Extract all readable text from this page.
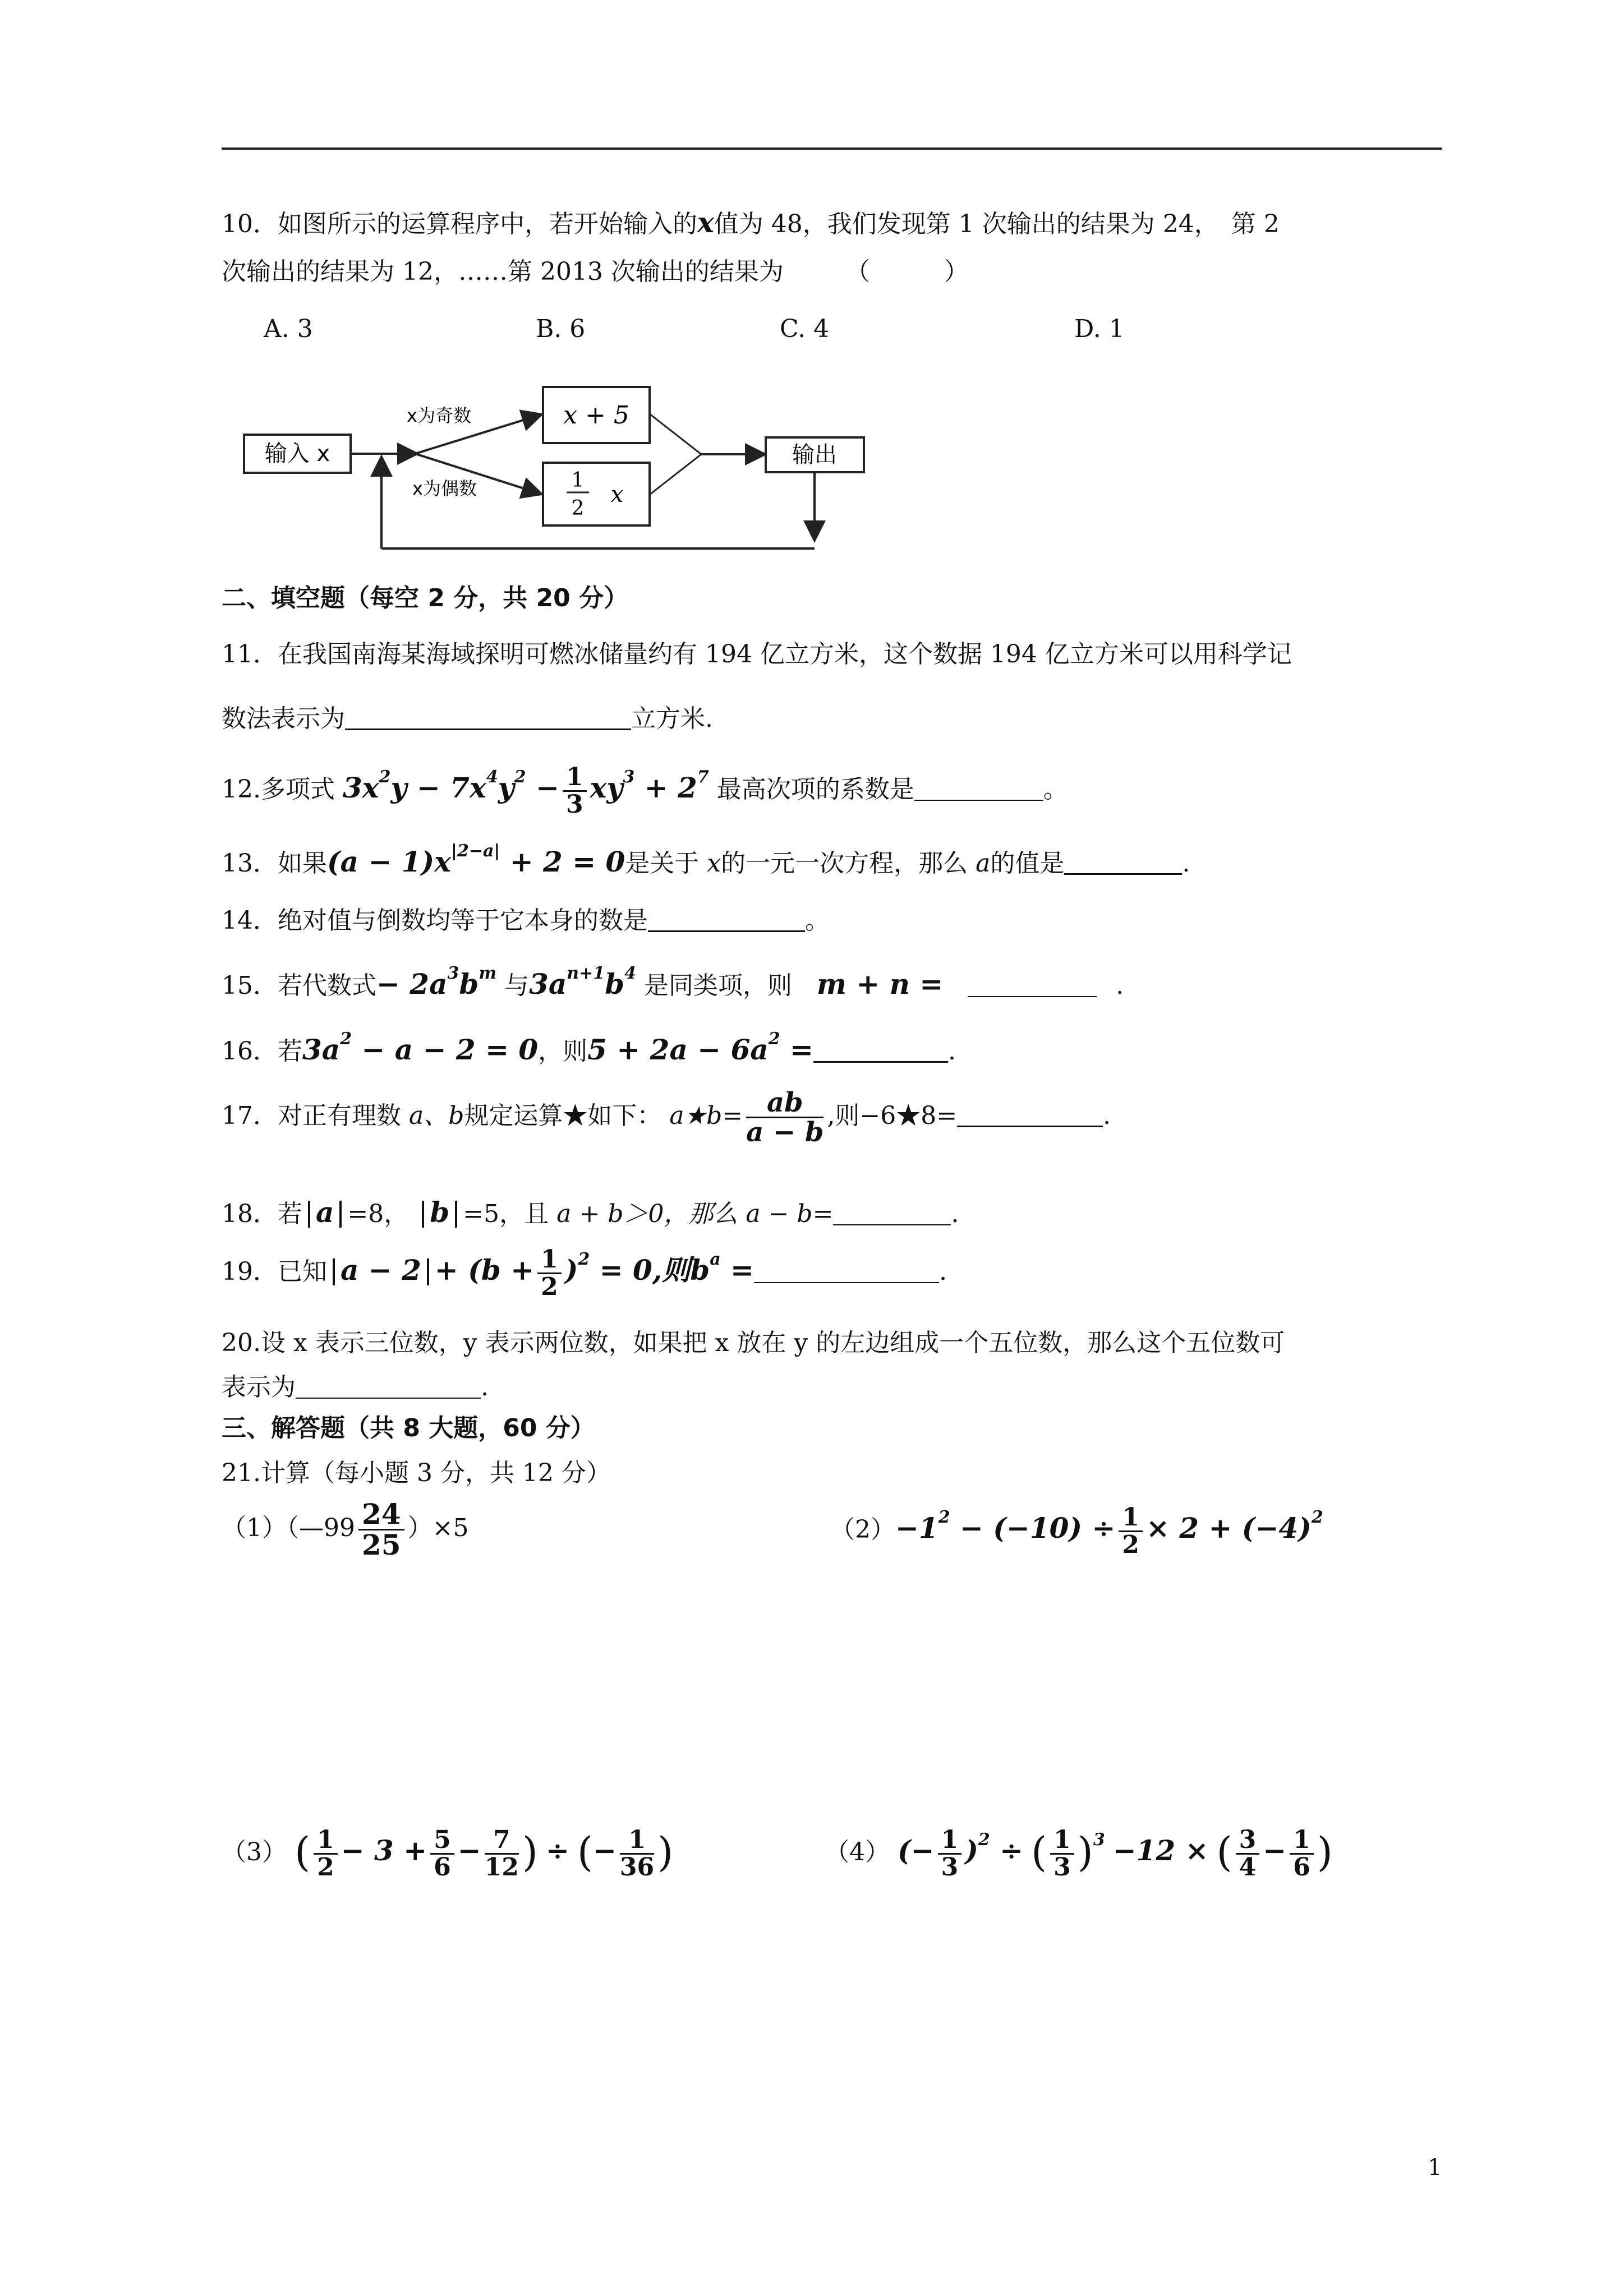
10．如图所示的运算程序中，若开始输入的x值为 48，我们发现第 1 次输出的结果为 24，　第 2
次输出的结果为 12，……第 2013 次输出的结果为　　　（　　　）
A. 3	B. 6	C. 4	D. 1
输入 x
x为奇数
x为偶数
x + 5
1
2
x
输出
二、填空题（每空 2 分，共 20 分）
11．在我国南海某海域探明可燃冰储量约有 194 亿立方米，这个数据 194 亿立方米可以用科学记
数法表示为	立方米.
12.多项式 $3x^2y - 7x^4y^2 - \frac{1}{3} xy^3 + 2^7$ 最高次项的系数是	。
13．如果$(a - 1)x^{|2-a|} + 2 = 0$是关于 x的一元一次方程，那么 a的值是	.
14．绝对值与倒数均等于它本身的数是	。
15．若代数式− $2a^3b^m$ 与$3a^{n+1}b^4$ 是同类项，则 m + n =	.
16．若$3a^2 - a - 2 = 0$，则$5 + 2a - 6a^2$ =	.
17．对正有理数 a、b规定运算★如下： a★b= $\frac{ab}{a - b}$ ,则−6★8=	.
18．若 a =8， b =5，且 a + b＞0，那么 a − b=	.
19．已知 $a - 2 + (b + \frac{1}{2} )^2 = 0$,则$b^a$ =	.
20.设 x 表示三位数，y 表示两位数，如果把 x 放在 y 的左边组成一个五位数，那么这个五位数可
表示为	.
三、解答题（共 8 大题，60 分）
21.计算（每小题 3 分，共 12 分）
（1）（—99 $\frac{24}{25} )\times 5$	$(2)-1^2 - (-10) \div \frac{1}{2} \times 2 + (-4)^2$
（3） ( $\frac{1}{2} - 3 + \frac{5}{6} - \frac{7}{12}$ ) ÷ (− $\frac{1}{36}$ )	（4） (− $\frac{1}{3} )^2$ ÷ ( $\frac{1}{3} )^3 -12$ × ( $\frac{3}{4} - \frac{1}{6}$ )
1
